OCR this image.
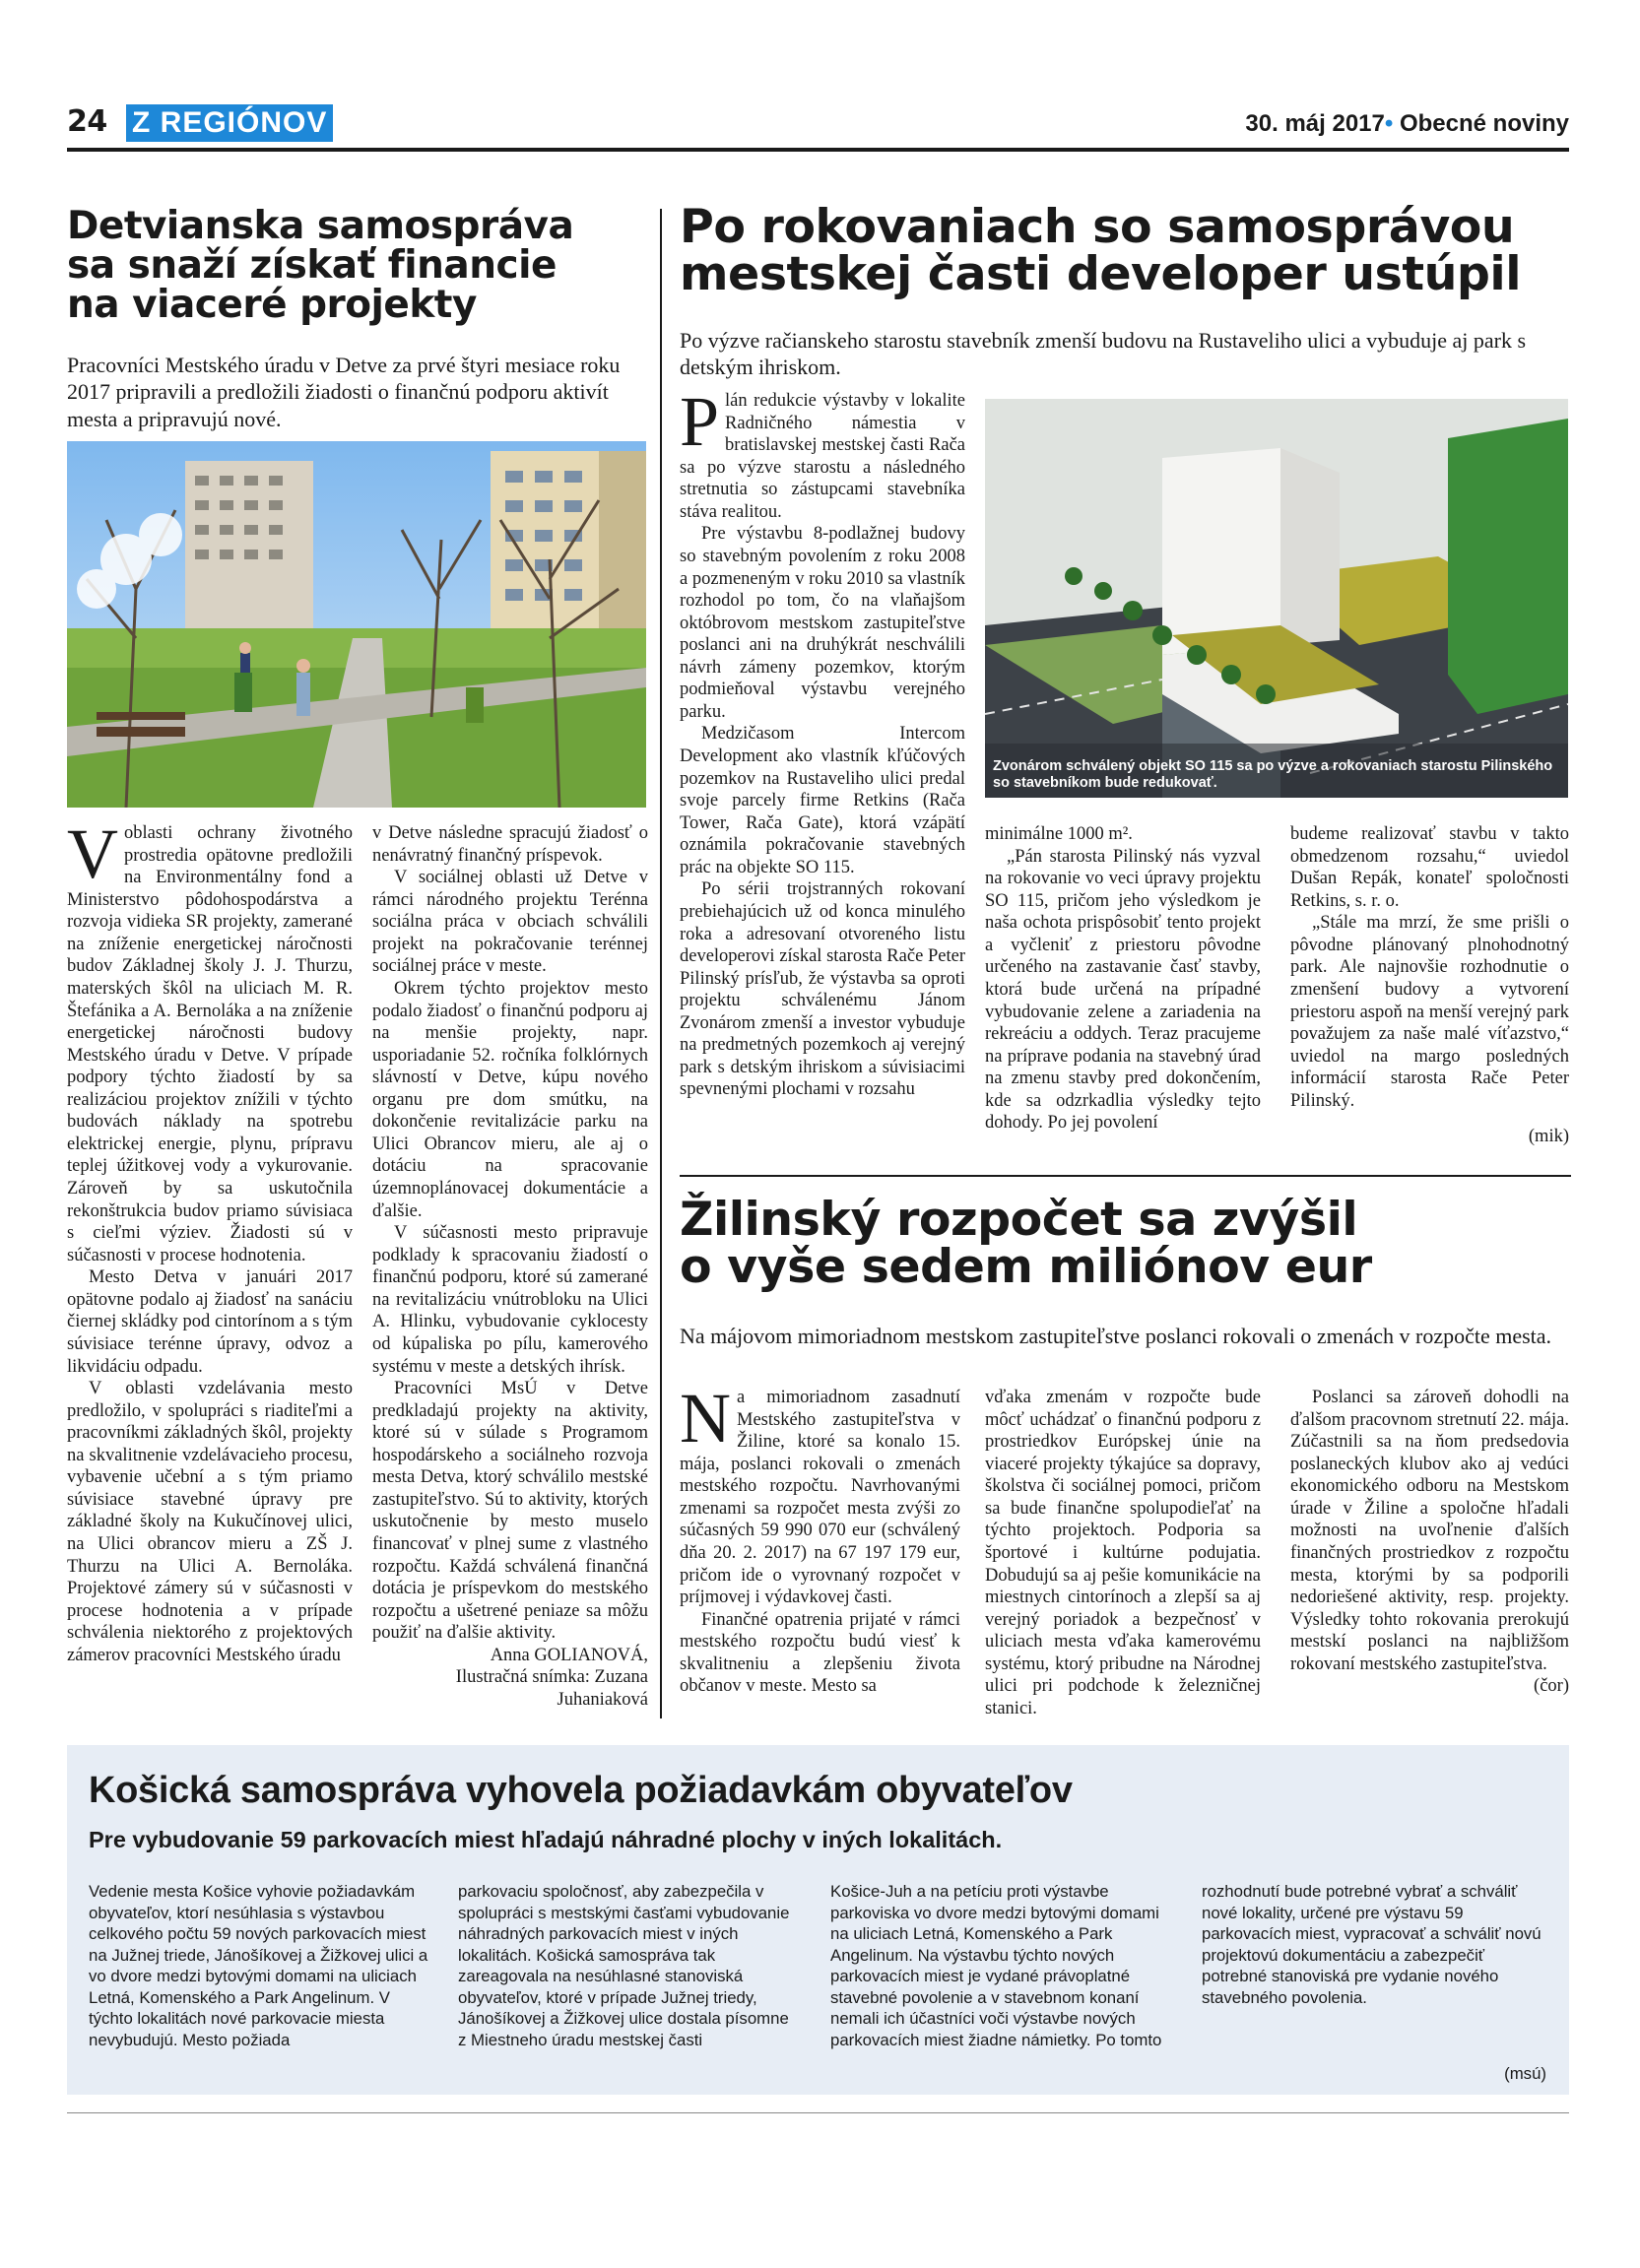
24 Z REGIÓNOV	30. máj 2017• Obecné noviny
Detvianska samospráva
sa snaží získať financie
na viaceré projekty
Pracovníci Mestského úradu v Detve za prvé štyri mesiace roku 2017 pripravili a predložili žiadosti o finančnú podporu aktivít mesta a pripravujú nové.

Voblasti ochrany životného prostredia opätovne predložili na Environmentálny fond a Ministerstvo pôdohospodárstva a rozvoja vidieka SR projekty, zamerané na zníženie energetickej náročnosti budov Základnej školy J. J. Thurzu, materských škôl na uliciach M. R. Štefánika a A. Bernoláka a na zníženie energetickej náročnosti budovy Mestského úradu v Detve. V prípade podpory týchto žiadostí by sa realizáciou projektov znížili v týchto budovách náklady na spotrebu elektrickej energie, plynu, prípravu teplej úžitkovej vody a vykurovanie. Zároveň by sa uskutočnila rekonštrukcia budov priamo súvisiaca s cieľmi výziev. Žiadosti sú v súčasnosti v procese hodnotenia.

Mesto Detva v januári 2017 opätovne podalo aj žiadosť na sanáciu čiernej skládky pod cintorínom a s tým súvisiace terénne úpravy, odvoz a likvidáciu odpadu.

V oblasti vzdelávania mesto predložilo, v spolupráci s riaditeľmi a pracovníkmi základných škôl, projekty na skvalitnenie vzdelávacieho procesu, vybavenie učební a s tým priamo súvisiace stavebné úpravy pre základné školy na Kukučínovej ulici, na Ulici obrancov mieru a ZŠ J. Thurzu na Ulici A. Bernoláka. Projektové zámery sú v súčasnosti v procese hodnotenia a v prípade schválenia niektorého z projektových zámerov pracovníci Mestského úradu

v Detve následne spracujú žiadosť o nenávratný finančný príspevok.

V sociálnej oblasti už Detve v rámci národného projektu Terénna sociálna práca v obciach schválili projekt na pokračovanie terénnej sociálnej práce v meste.

Okrem týchto projektov mesto podalo žiadosť o finančnú podporu aj na menšie projekty, napr. usporiadanie 52. ročníka folklórnych slávností v Detve, kúpu nového organu pre dom smútku, na dokončenie revitalizácie parku na Ulici Obrancov mieru, ale aj o dotáciu na spracovanie územnoplánovacej dokumentácie a ďalšie.

V súčasnosti mesto pripravuje podklady k spracovaniu žiadostí o finančnú podporu, ktoré sú zamerané na revitalizáciu vnútrobloku na Ulici A. Hlinku, vybudovanie cyklocesty od kúpaliska po pílu, kamerového systému v meste a detských ihrísk.

Pracovníci MsÚ v Detve predkladajú projekty na aktivity, ktoré sú v súlade s Programom hospodárskeho a sociálneho rozvoja mesta Detva, ktorý schválilo mestské zastupiteľstvo. Sú to aktivity, ktorých uskutočnenie by mesto muselo financovať v plnej sume z vlastného rozpočtu. Každá schválená finančná dotácia je príspevkom do mestského rozpočtu a ušetrené peniaze sa môžu použiť na ďalšie aktivity.

Anna GOLIANOVÁ,
Ilustračná snímka: Zuzana
Juhaniaková
Po rokovaniach so samosprávou
mestskej časti developer ustúpil
Po výzve račianskeho starostu stavebník zmenší budovu na Rustaveliho ulici a vybuduje aj park s detským ihriskom.

Plán redukcie výstavby v lokalite Radničného námestia v bratislavskej mestskej časti Rača sa po výzve starostu a následného stretnutia so zástupcami stavebníka stáva realitou.

Pre výstavbu 8-podlažnej budovy so stavebným povolením z roku 2008 a pozmeneným v roku 2010 sa vlastník rozhodol po tom, čo na vlaňajšom októbrovom mestskom zastupiteľstve poslanci ani na druhýkrát neschválili návrh zámeny pozemkov, ktorým podmieňoval výstavbu verejného parku.

Medzičasom Intercom Development ako vlastník kľúčových pozemkov na Rustaveliho ulici predal svoje parcely firme Retkins (Rača Tower, Rača Gate), ktorá vzápätí oznámila pokračovanie stavebných prác na objekte SO 115.

Po sérii trojstranných rokovaní prebiehajúcich už od konca minulého roka a adresovaní otvoreného listu developerovi získal starosta Rače Peter Pilinský prísľub, že výstavba sa oproti projektu schválenému Jánom Zvonárom zmenší a investor vybuduje na predmetných pozemkoch aj verejný park s detským ihriskom a súvisiacimi spevnenými plochami v rozsahu

Zvonárom schválený objekt SO 115 sa po výzve a rokovaniach starostu Pilinského so stavebníkom bude redukovať.

minimálne 1000 m².

„Pán starosta Pilinský nás vyzval na rokovanie vo veci úpravy projektu SO 115, pričom jeho výsledkom je naša ochota prispôsobiť tento projekt a vyčleniť z priestoru pôvodne určeného na zastavanie časť stavby, ktorá bude určená na prípadné vybudovanie zelene a zariadenia na rekreáciu a oddych. Teraz pracujeme na príprave podania na stavebný úrad na zmenu stavby pred dokončením, kde sa odzrkadlia výsledky tejto dohody. Po jej povolení

budeme realizovať stavbu v takto obmedzenom rozsahu,“ uviedol Dušan Repák, konateľ spoločnosti Retkins, s. r. o.

„Stále ma mrzí, že sme prišli o pôvodne plánovaný plnohodnotný park. Ale najnovšie rozhodnutie o zmenšení budovy a vytvorení priestoru aspoň na menší verejný park považujem za naše malé víťazstvo,“ uviedol na margo posledných informácií starosta Rače Peter Pilinský.

(mik)
Žilinský rozpočet sa zvýšil
o vyše sedem miliónov eur
Na májovom mimoriadnom mestskom zastupiteľstve poslanci rokovali o zmenách v rozpočte mesta.

Na mimoriadnom zasadnutí Mestského zastupiteľstva v Žiline, ktoré sa konalo 15. mája, poslanci rokovali o zmenách mestského rozpočtu. Navrhovanými zmenami sa rozpočet mesta zvýši zo súčasných 59 990 070 eur (schválený dňa 20. 2. 2017) na 67 197 179 eur, pričom ide o vyrovnaný rozpočet v príjmovej i výdavkovej časti.

Finančné opatrenia prijaté v rámci mestského rozpočtu budú viesť k skvalitneniu a zlepšeniu života občanov v meste. Mesto sa

vďaka zmenám v rozpočte bude môcť uchádzať o finančnú podporu z prostriedkov Európskej únie na viaceré projekty týkajúce sa dopravy, školstva či sociálnej pomoci, pričom sa bude finančne spolupodieľať na týchto projektoch. Podporia sa športové i kultúrne podujatia. Dobudujú sa aj pešie komunikácie na miestnych cintorínoch a zlepší sa aj verejný poriadok a bezpečnosť v uliciach mesta vďaka kamerovému systému, ktorý pribudne na Národnej ulici pri podchode k železničnej stanici.

Poslanci sa zároveň dohodli na ďalšom pracovnom stretnutí 22. mája. Zúčastnili sa na ňom predsedovia poslaneckých klubov ako aj vedúci ekonomického odboru na Mestskom úrade v Žiline a spoločne hľadali možnosti na uvoľnenie ďalších finančných prostriedkov z rozpočtu mesta, ktorými by sa podporili nedoriešené aktivity, resp. projekty. Výsledky tohto rokovania prerokujú mestskí poslanci na najbližšom rokovaní mestského zastupiteľstva.

(čor)
Košická samospráva vyhovela požiadavkám obyvateľov
Pre vybudovanie 59 parkovacích miest hľadajú náhradné plochy v iných lokalitách.

Vedenie mesta Košice vyhovie požiadavkám obyvateľov, ktorí nesúhlasia s výstavbou celkového počtu 59 nových parkovacích miest na Južnej triede, Jánošíkovej a Žižkovej ulici a vo dvore medzi bytovými domami na uliciach Letná, Komenského a Park Angelinum. V týchto lokalitách nové parkovacie miesta nevybudujú. Mesto požiada

parkovaciu spoločnosť, aby zabezpečila v spolupráci s mestskými časťami vybudovanie náhradných parkovacích miest v iných lokalitách. Košická samospráva tak zareagovala na nesúhlasné stanoviská obyvateľov, ktoré v prípade Južnej triedy, Jánošíkovej a Žižkovej ulice dostala písomne z Miestneho úradu mestskej časti

Košice-Juh a na petíciu proti výstavbe parkoviska vo dvore medzi bytovými domami na uliciach Letná, Komenského a Park Angelinum. Na výstavbu týchto nových parkovacích miest je vydané právoplatné stavebné povolenie a v stavebnom konaní nemali ich účastníci voči výstavbe nových parkovacích miest žiadne námietky. Po tomto

rozhodnutí bude potrebné vybrať a schváliť nové lokality, určené pre výstavu 59 parkovacích miest, vypracovať a schváliť novú projektovú dokumentáciu a zabezpečiť potrebné stanoviská pre vydanie nového stavebného povolenia.

(msú)
